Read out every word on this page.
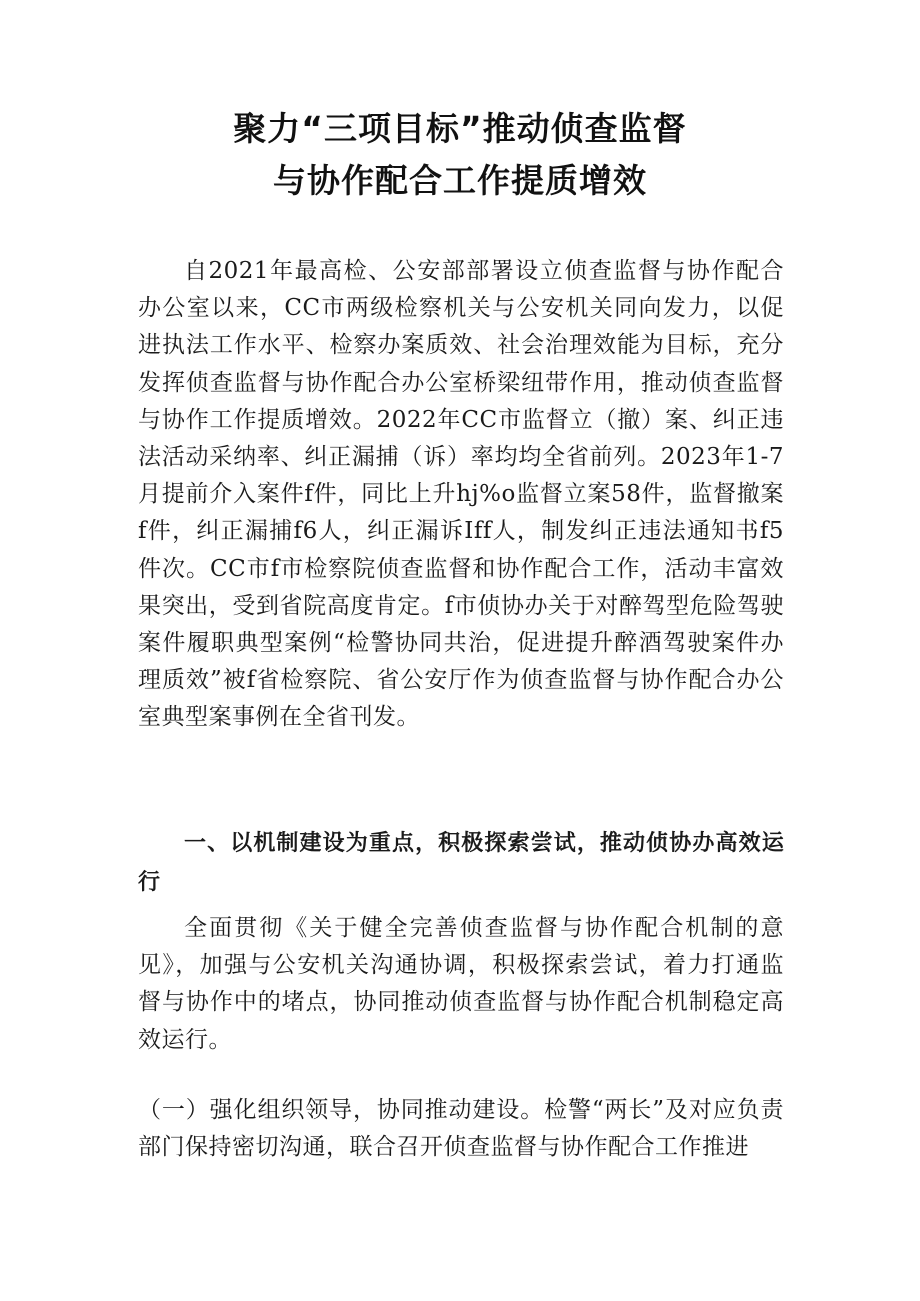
聚力“三项目标”推动侦查监督
与协作配合工作提质增效
自2021年最高检、公安部部署设立侦查监督与协作配合办公室以来，CC市两级检察机关与公安机关同向发力，以促进执法工作水平、检察办案质效、社会治理效能为目标，充分发挥侦查监督与协作配合办公室桥梁纽带作用，推动侦查监督与协作工作提质增效。2022年CC市监督立（撤）案、纠正违法活动采纳率、纠正漏捕（诉）率均均全省前列。2023年1-7月提前介入案件f件，同比上升hj%o监督立案58件，监督撤案f件，纠正漏捕f6人，纠正漏诉Iff人，制发纠正违法通知书f5件次。CC市f市检察院侦查监督和协作配合工作，活动丰富效果突出，受到省院高度肯定。f市侦协办关于对醉驾型危险驾驶案件履职典型案例“检警协同共治，促进提升醉酒驾驶案件办理质效”被f省检察院、省公安厅作为侦查监督与协作配合办公室典型案事例在全省刊发。
一、以机制建设为重点，积极探索尝试，推动侦协办高效运行
全面贯彻《关于健全完善侦查监督与协作配合机制的意见》，加强与公安机关沟通协调，积极探索尝试，着力打通监督与协作中的堵点，协同推动侦查监督与协作配合机制稳定高效运行。
（一）强化组织领导，协同推动建设。检警“两长”及对应负责部门保持密切沟通，联合召开侦查监督与协作配合工作推进
